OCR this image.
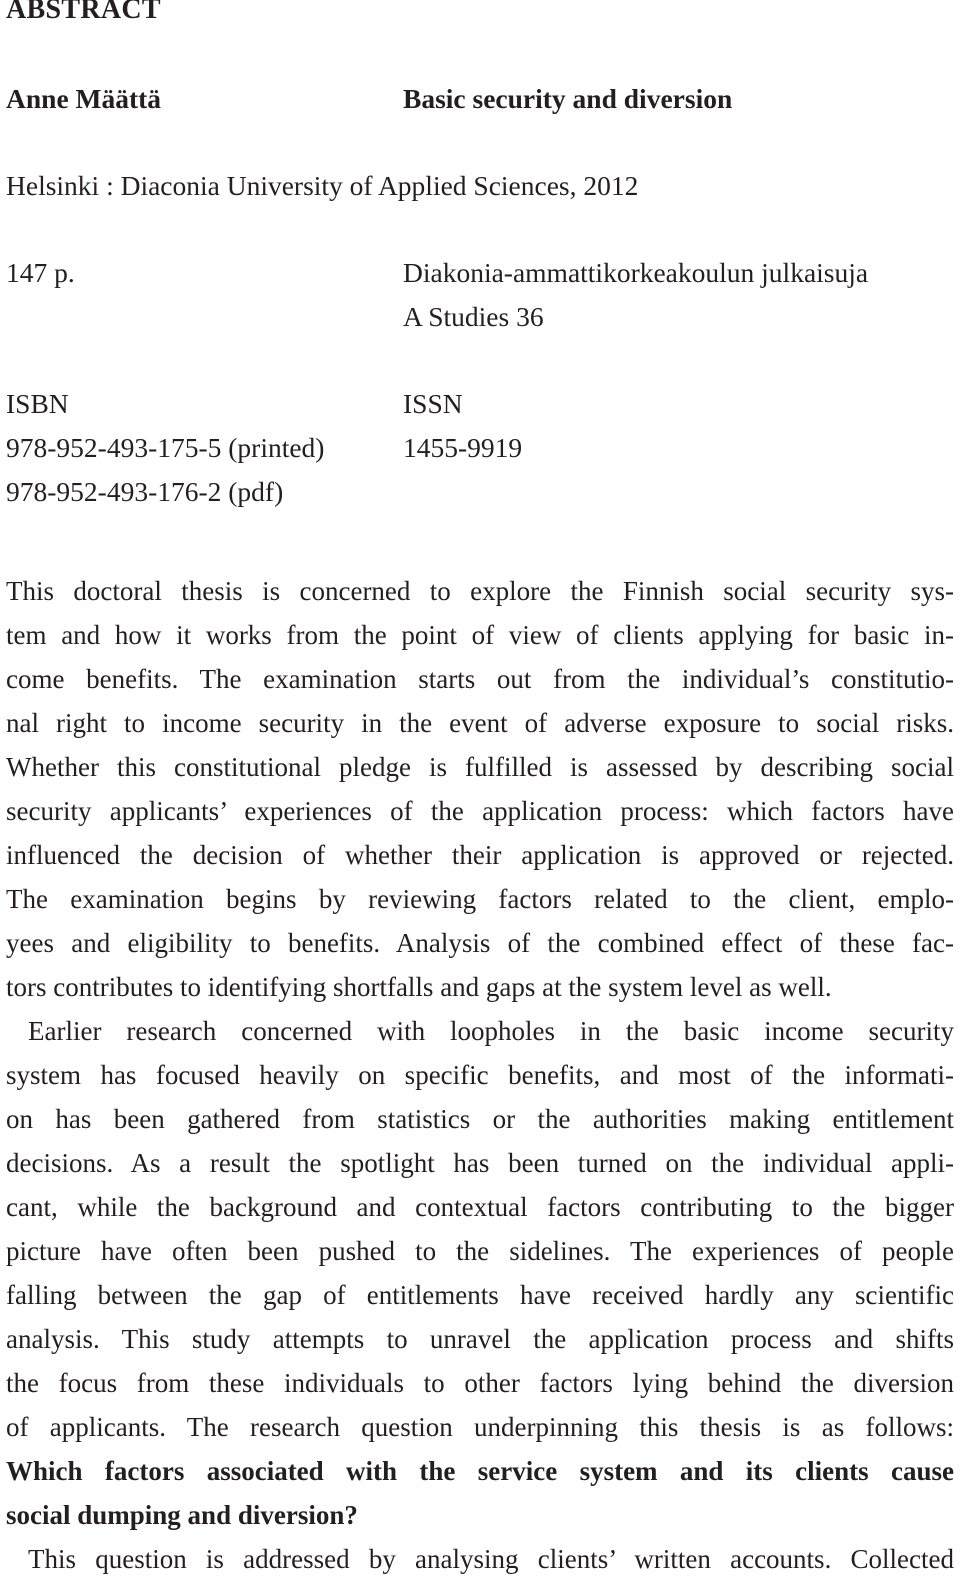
ABSTRACT
Anne Määttä	Basic security and diversion
Helsinki : Diaconia University of Applied Sciences, 2012
147 p.	Diakonia-ammattikorkeakoulun julkaisuja
A Studies 36
ISBN	ISSN
978-952-493-175-5 (printed)	1455-9919
978-952-493-176-2 (pdf)
This doctoral thesis is concerned to explore the Finnish social security sys-
tem and how it works from the point of view of clients applying for basic in-
come benefits. The examination starts out from the individual’s constitutio-
nal right to income security in the event of adverse exposure to social risks.
Whether this constitutional pledge is fulfilled is assessed by describing social
security applicants’ experiences of the application process: which factors have
influenced the decision of whether their application is approved or rejected.
The examination begins by reviewing factors related to the client, emplo-
yees and eligibility to benefits. Analysis of the combined effect of these fac-
tors contributes to identifying shortfalls and gaps at the system level as well.
Earlier research concerned with loopholes in the basic income security
system has focused heavily on specific benefits, and most of the informati-
on has been gathered from statistics or the authorities making entitlement
decisions. As a result the spotlight has been turned on the individual appli-
cant, while the background and contextual factors contributing to the bigger
picture have often been pushed to the sidelines. The experiences of people
falling between the gap of entitlements have received hardly any scientific
analysis. This study attempts to unravel the application process and shifts
the focus from these individuals to other factors lying behind the diversion
of applicants. The research question underpinning this thesis is as follows:
Which factors associated with the service system and its clients cause
social dumping and diversion?
This question is addressed by analysing clients’ written accounts. Collected
